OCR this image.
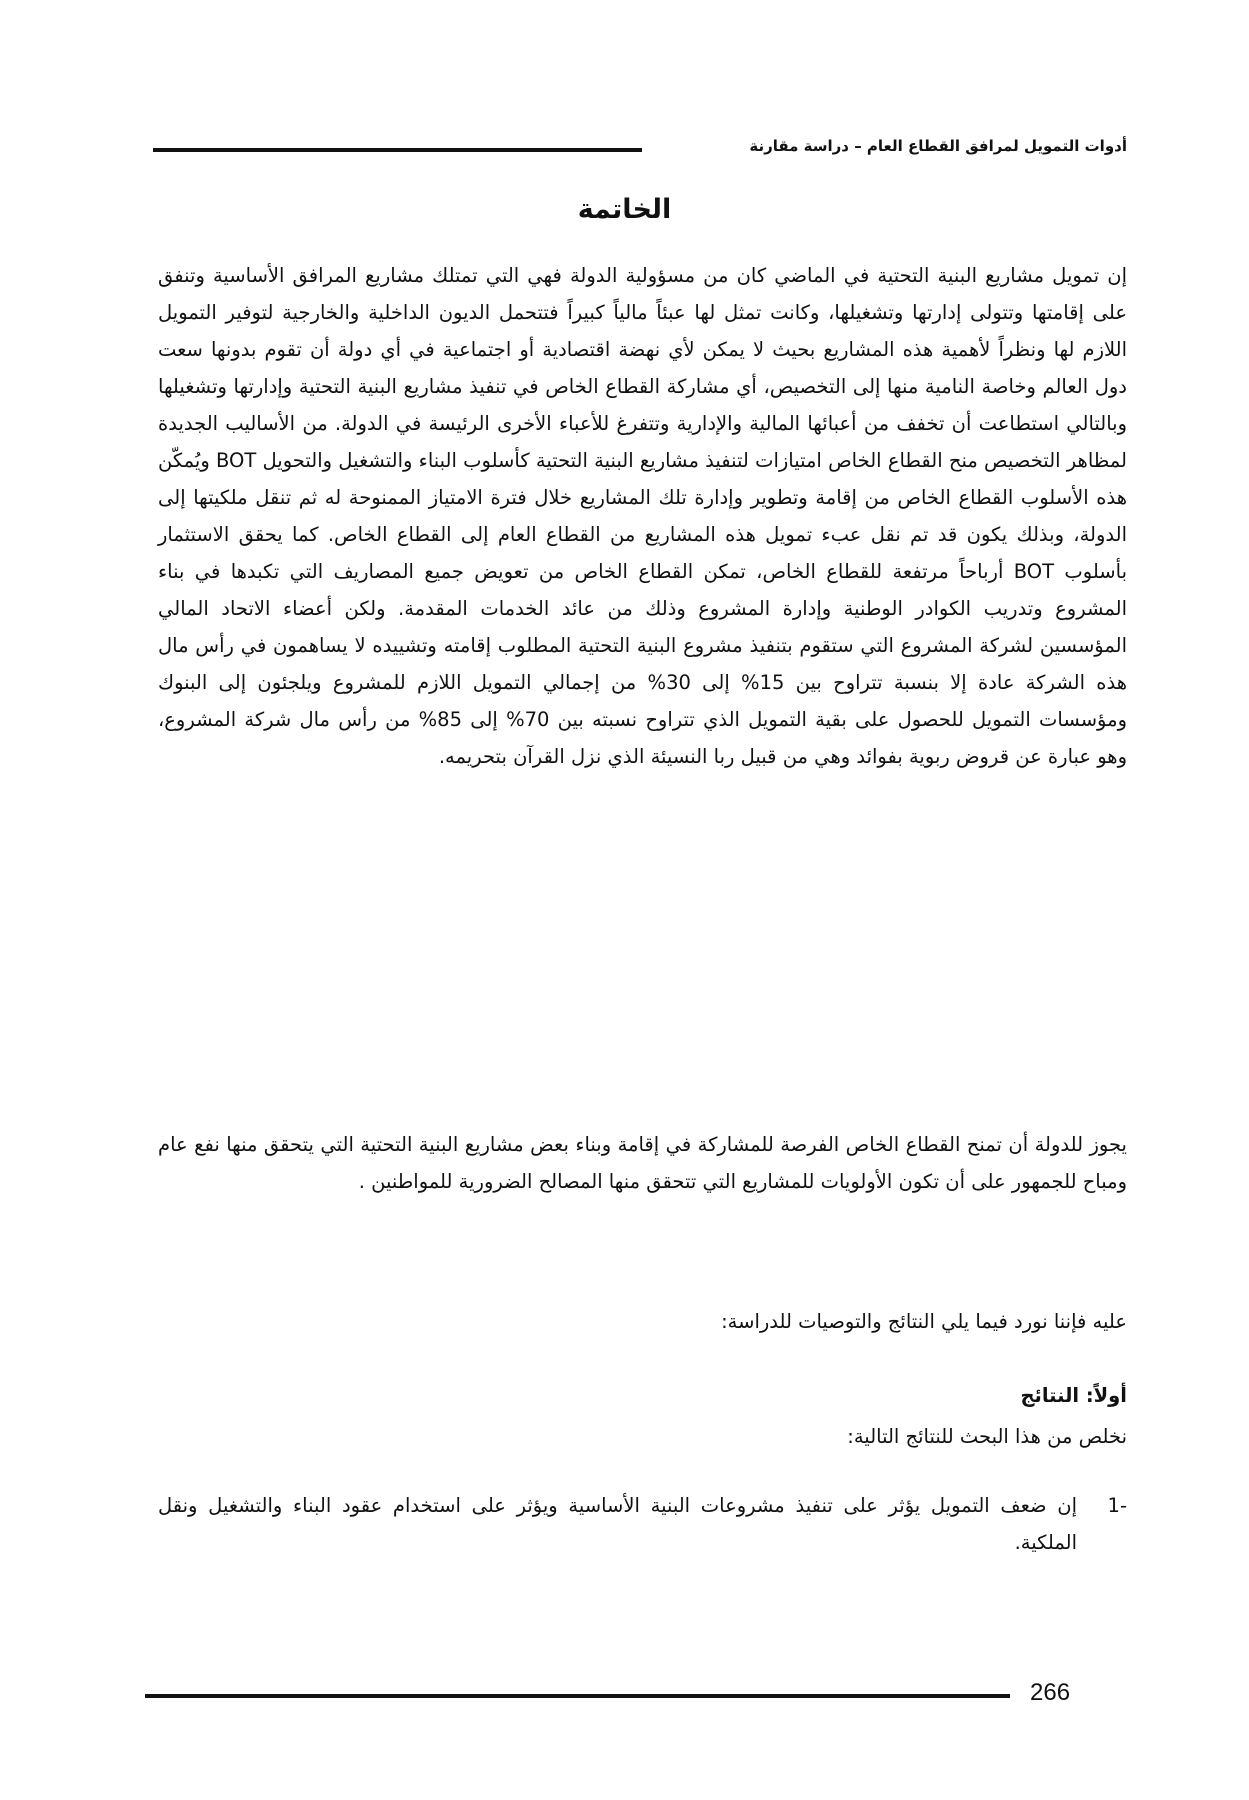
أدوات التمويل لمرافق القطاع العام – دراسة مقارنة
الخاتمة

إن تمويل مشاريع البنية التحتية في الماضي كان من مسؤولية الدولة فهي التي تمتلك مشاريع المرافق الأساسية وتنفق على إقامتها وتتولى إدارتها وتشغيلها، وكانت تمثل لها عبئاً مالياً كبيراً فتتحمل الديون الداخلية والخارجية لتوفير التمويل اللازم لها ونظراً لأهمية هذه المشاريع بحيث لا يمكن لأي نهضة اقتصادية أو اجتماعية في أي دولة أن تقوم بدونها سعت دول العالم وخاصة النامية منها إلى التخصيص، أي مشاركة القطاع الخاص في تنفيذ مشاريع البنية التحتية وإدارتها وتشغيلها وبالتالي استطاعت أن تخفف من أعبائها المالية والإدارية وتتفرغ للأعباء الأخرى الرئيسة في الدولة. من الأساليب الجديدة لمظاهر التخصيص منح القطاع الخاص امتيازات لتنفيذ مشاريع البنية التحتية كأسلوب البناء والتشغيل والتحويل BOT ويُمكّن هذه الأسلوب القطاع الخاص من إقامة وتطوير وإدارة تلك المشاريع خلال فترة الامتياز الممنوحة له ثم تنقل ملكيتها إلى الدولة، وبذلك يكون قد تم نقل عبء تمويل هذه المشاريع من القطاع العام إلى القطاع الخاص. كما يحقق الاستثمار بأسلوب BOT أرباحاً مرتفعة للقطاع الخاص، تمكن القطاع الخاص من تعويض جميع المصاريف التي تكبدها في بناء المشروع وتدريب الكوادر الوطنية وإدارة المشروع وذلك من عائد الخدمات المقدمة. ولكن أعضاء الاتحاد المالي المؤسسين لشركة المشروع التي ستقوم بتنفيذ مشروع البنية التحتية المطلوب إقامته وتشييده لا يساهمون في رأس مال هذه الشركة عادة إلا بنسبة تتراوح بين 15% إلى 30% من إجمالي التمويل اللازم للمشروع ويلجئون إلى البنوك ومؤسسات التمويل للحصول على بقية التمويل الذي تتراوح نسبته بين 70% إلى 85% من رأس مال شركة المشروع، وهو عبارة عن قروض ربوية بفوائد وهي من قبيل ربا النسيئة الذي نزل القرآن بتحريمه.

يجوز للدولة أن تمنح القطاع الخاص الفرصة للمشاركة في إقامة وبناء بعض مشاريع البنية التحتية التي يتحقق منها نفع عام ومباح للجمهور على أن تكون الأولويات للمشاريع التي تتحقق منها المصالح الضرورية للمواطنين .

عليه فإننا نورد فيما يلي النتائج والتوصيات للدراسة:

أولاً: النتائج
نخلص من هذا البحث للنتائج التالية:
1-
إن ضعف التمويل يؤثر على تنفيذ مشروعات البنية الأساسية ويؤثر على استخدام عقود البناء والتشغيل ونقل الملكية.
266
